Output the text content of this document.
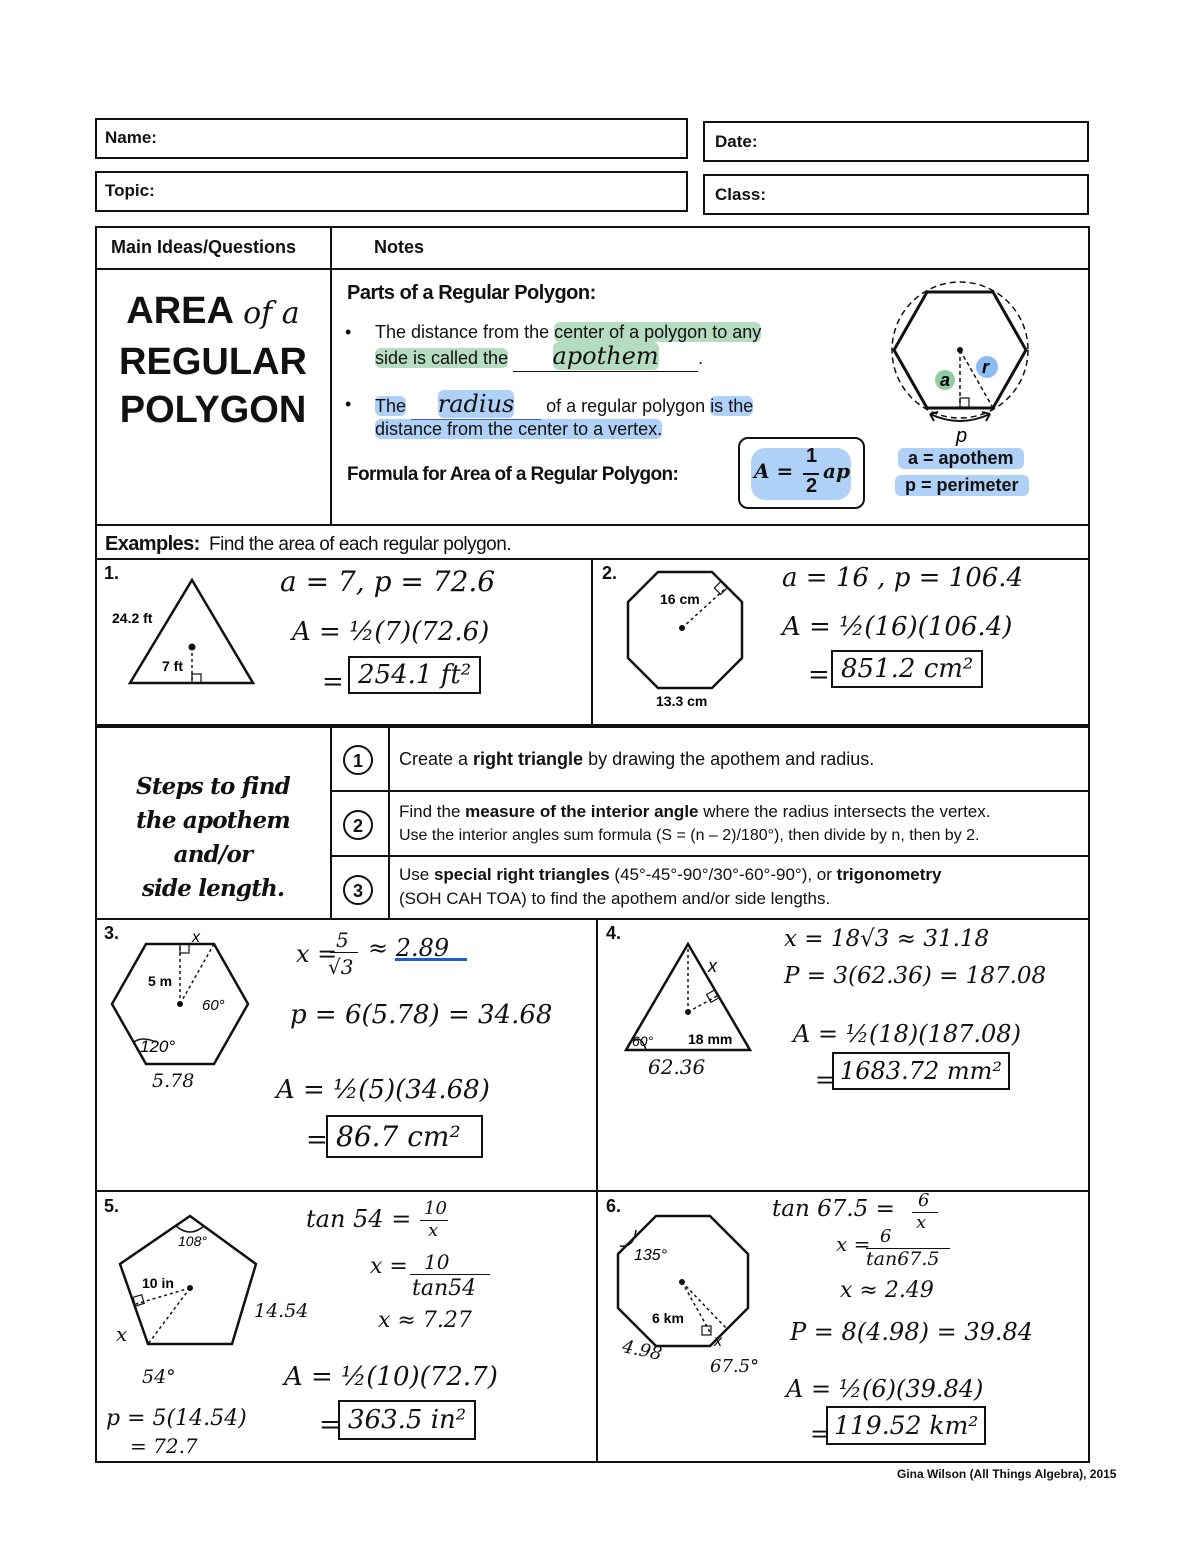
Name:	Date:
Topic:	Class:
Main Ideas/Questions	Notes
AREA of a
REGULAR
POLYGON
Parts of a Regular Polygon:
• The distance from the center of a polygon to any
side is called the apothem .
• The radius of a regular polygon is the
distance from the center to a vertex.
Formula for Area of a Regular Polygon:	A =
1
2
ap
a
r
p
a = apothem
p = perimeter
Examples: Find the area of each regular polygon.
1.
24.2 ft
7 ft
a = 7, p = 72.6
A = ½(7)(72.6)
= 254.1 ft²
2.
16 cm
13.3 cm
a = 16 , p = 106.4
A = ½(16)(106.4)
= 851.2 cm²
Steps to find
the apothem and/or
side length.
1	Create a right triangle by drawing the apothem and radius.
2
Find the measure of the interior angle where the radius intersects the vertex.
Use the interior angles sum formula (S = (n – 2)/180°), then divide by n, then by 2.
3
Use special right triangles (45°-45°-90°/30°-60°-90°), or trigonometry
(SOH CAH TOA) to find the apothem and/or side lengths.
3.	x
5 m
60°
120°
5.78
x =
5
√3
≈ 2.89
p = 6(5.78) = 34.68
A = ½(5)(34.68)
= 86.7 cm²
4.
x
60° 18 mm
62.36
x = 18√3 ≈ 31.18
P = 3(62.36) = 187.08
A = ½(18)(187.08)
= 1683.72 mm²
5.
108°
10 in
14.54
x
54°
p = 5(14.54)
= 72.7
tan 54 = 10
x
x = 10
tan54
x ≈ 7.27
A = ½(10)(72.7)
= 363.5 in²
6.
135°
6 km
x
4.98
67.5°
tan 67.5 = 6
x
x = 6
tan67.5
x ≈ 2.49
P = 8(4.98) = 39.84
A = ½(6)(39.84)
= 119.52 km²
Gina Wilson (All Things Algebra), 2015
